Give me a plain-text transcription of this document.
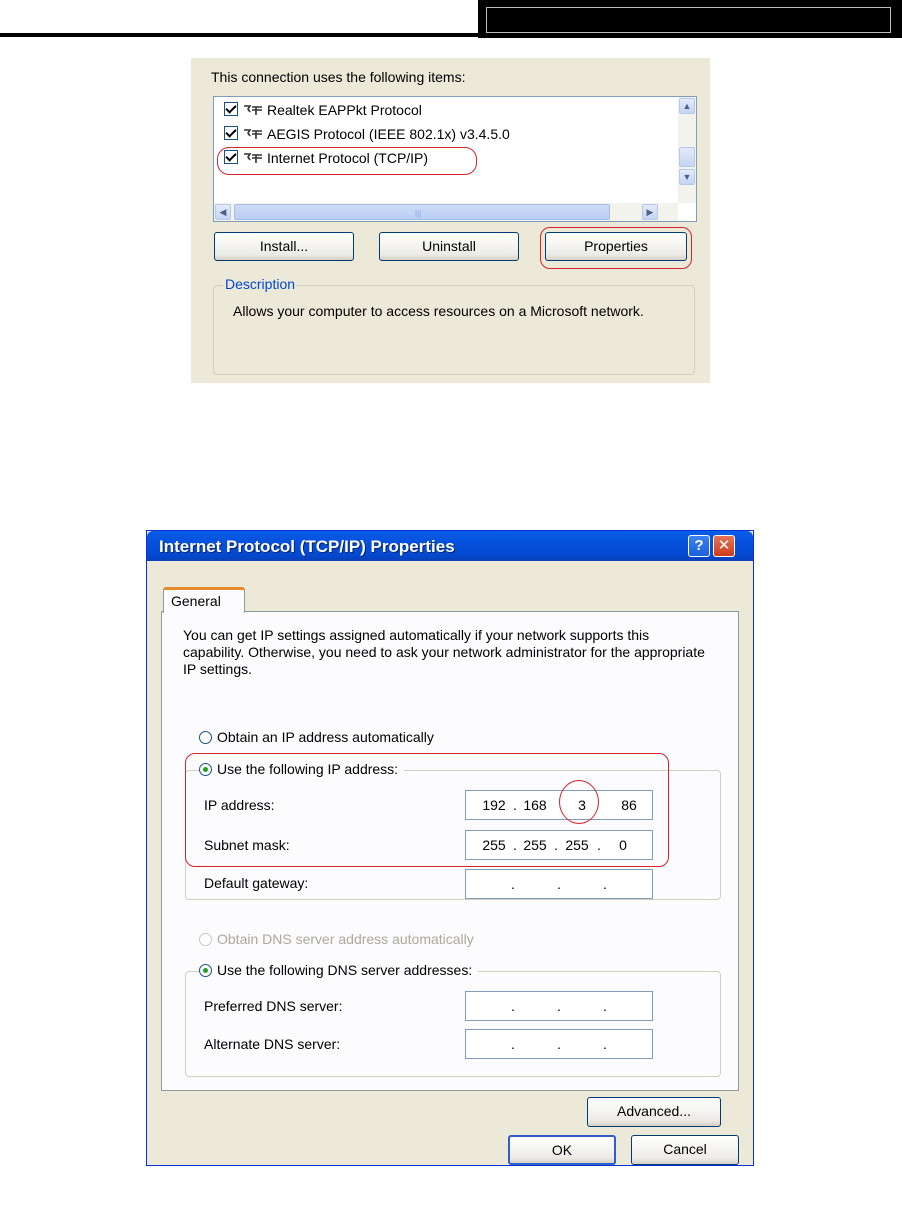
This connection uses the following items:
Realtek EAPPkt Protocol
AEGIS Protocol (IEEE 802.1x) v3.4.5.0
Internet Protocol (TCP/IP)
▲
▼
◀	|||	▶
Install...	Uninstall	Properties
Description
Allows your computer to access resources on a Microsoft network.
Internet Protocol (TCP/IP) Properties	? ✕
General
You can get IP settings assigned automatically if your network supports this capability. Otherwise, you need to ask your network administrator for the appropriate IP settings.
Obtain an IP address automatically
Use the following IP address:
IP address:	192 . 168	3	86
Subnet mask:	255 . 255 . 255 .	0
Default gateway:	.	.	.
Obtain DNS server address automatically
Use the following DNS server addresses:
Preferred DNS server:	.	.	.
Alternate DNS server:	.	.	.
Advanced...
OK	Cancel
